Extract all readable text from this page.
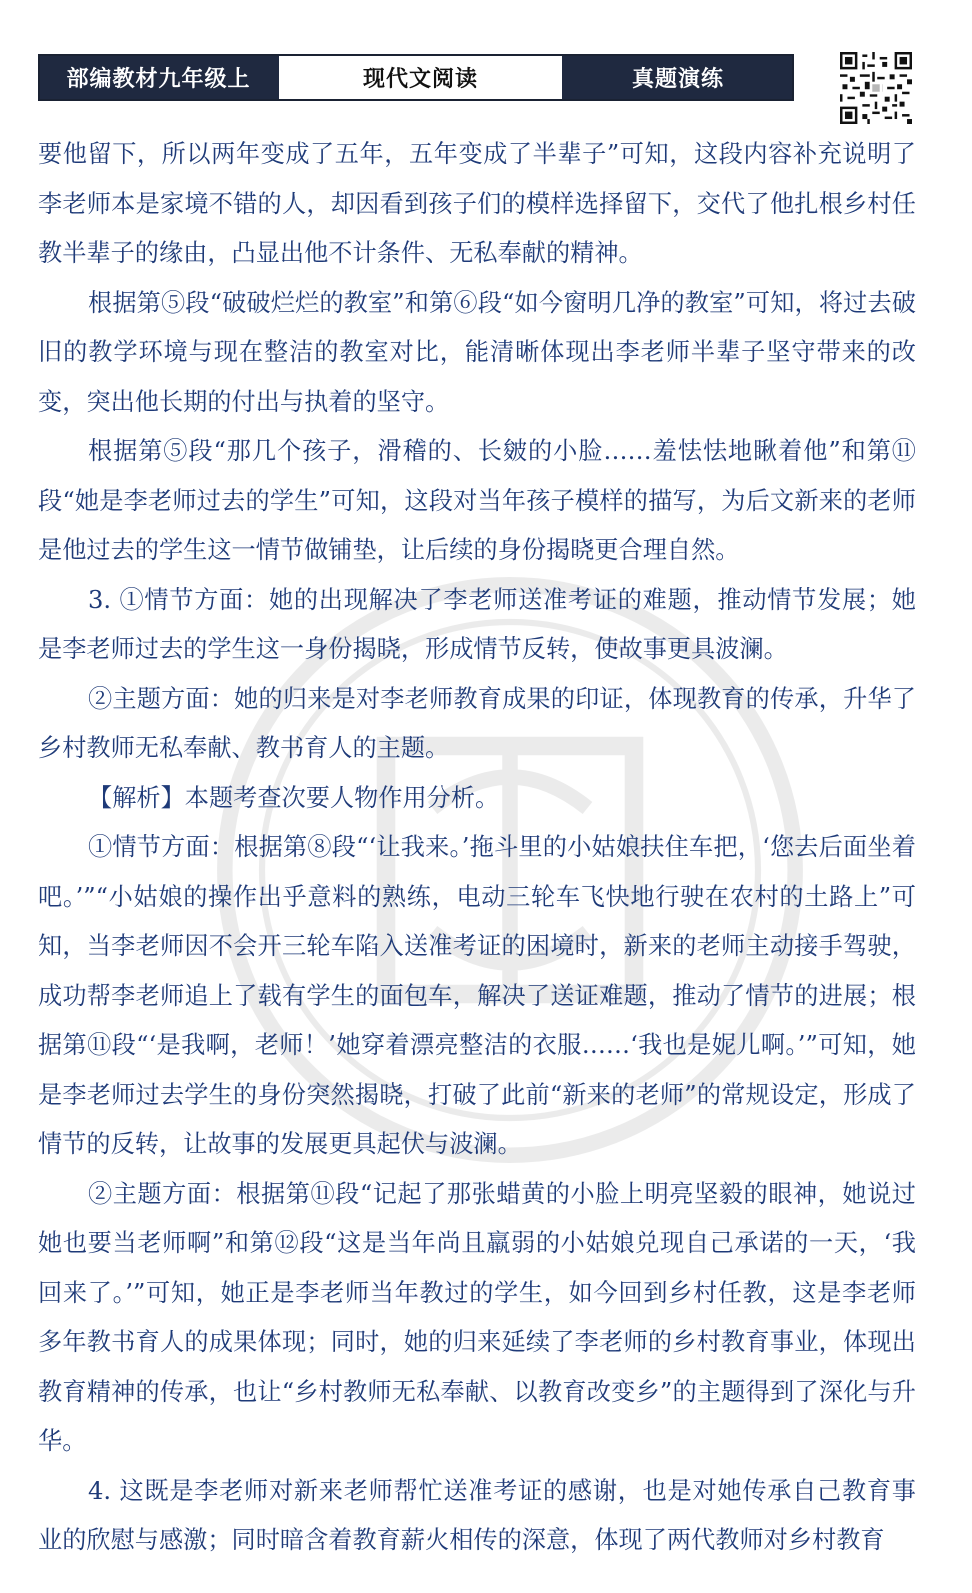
部编教材九年级上	现代文阅读	真题演练

要他留下，所以两年变成了五年，五年变成了半辈子”可知，这段内容补充说明了李老师本是家境不错的人，却因看到孩子们的模样选择留下，交代了他扎根乡村任教半辈子的缘由，凸显出他不计条件、无私奉献的精神。

根据第⑤段“破破烂烂的教室”和第⑥段“如今窗明几净的教室”可知，将过去破旧的教学环境与现在整洁的教室对比，能清晰体现出李老师半辈子坚守带来的改变，突出他长期的付出与执着的坚守。

根据第⑤段“那几个孩子，滑稽的、长皴的小脸……羞怯怯地瞅着他”和第⑪段“她是李老师过去的学生”可知，这段对当年孩子模样的描写，为后文新来的老师是他过去的学生这一情节做铺垫，让后续的身份揭晓更合理自然。

3. ①情节方面：她的出现解决了李老师送准考证的难题，推动情节发展；她是李老师过去的学生这一身份揭晓，形成情节反转，使故事更具波澜。

②主题方面：她的归来是对李老师教育成果的印证，体现教育的传承，升华了乡村教师无私奉献、教书育人的主题。

【解析】本题考查次要人物作用分析。

①情节方面：根据第⑧段“‘让我来。’拖斗里的小姑娘扶住车把，‘您去后面坐着吧。’”“小姑娘的操作出乎意料的熟练，电动三轮车飞快地行驶在农村的土路上”可知，当李老师因不会开三轮车陷入送准考证的困境时，新来的老师主动接手驾驶，成功帮李老师追上了载有学生的面包车，解决了送证难题，推动了情节的进展；根据第⑪段“‘是我啊，老师！’她穿着漂亮整洁的衣服……‘我也是妮儿啊。’”可知，她是李老师过去学生的身份突然揭晓，打破了此前“新来的老师”的常规设定，形成了情节的反转，让故事的发展更具起伏与波澜。

②主题方面：根据第⑪段“记起了那张蜡黄的小脸上明亮坚毅的眼神，她说过她也要当老师啊”和第⑫段“这是当年尚且羸弱的小姑娘兑现自己承诺的一天，‘我回来了。’”可知，她正是李老师当年教过的学生，如今回到乡村任教，这是李老师多年教书育人的成果体现；同时，她的归来延续了李老师的乡村教育事业，体现出教育精神的传承，也让“乡村教师无私奉献、以教育改变乡”的主题得到了深化与升华。

4. 这既是李老师对新来老师帮忙送准考证的感谢，也是对她传承自己教育事业的欣慰与感激；同时暗含着教育薪火相传的深意，体现了两代教师对乡村教育
